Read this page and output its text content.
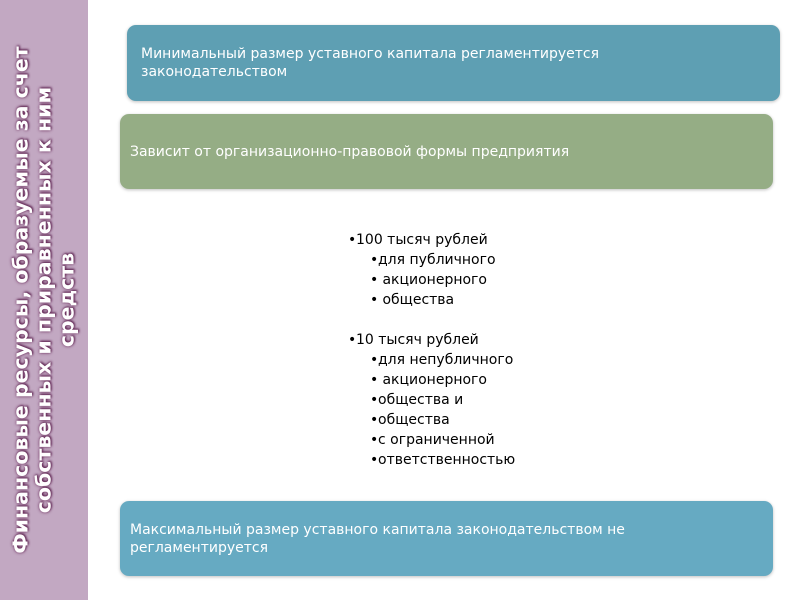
Финансовые ресурсы, образуемые за счет
собственных и приравненных к ним
средств
Минимальный размер уставного капитала регламентируется
законодательством
Зависит от организационно-правовой формы предприятия
•100 тысяч рублей
•для публичного
• акционерного
• общества
•10 тысяч рублей
•для непубличного
• акционерного
•общества и
•общества
•с ограниченной
•ответственностью
Максимальный размер уставного капитала законодательством не
регламентируется
